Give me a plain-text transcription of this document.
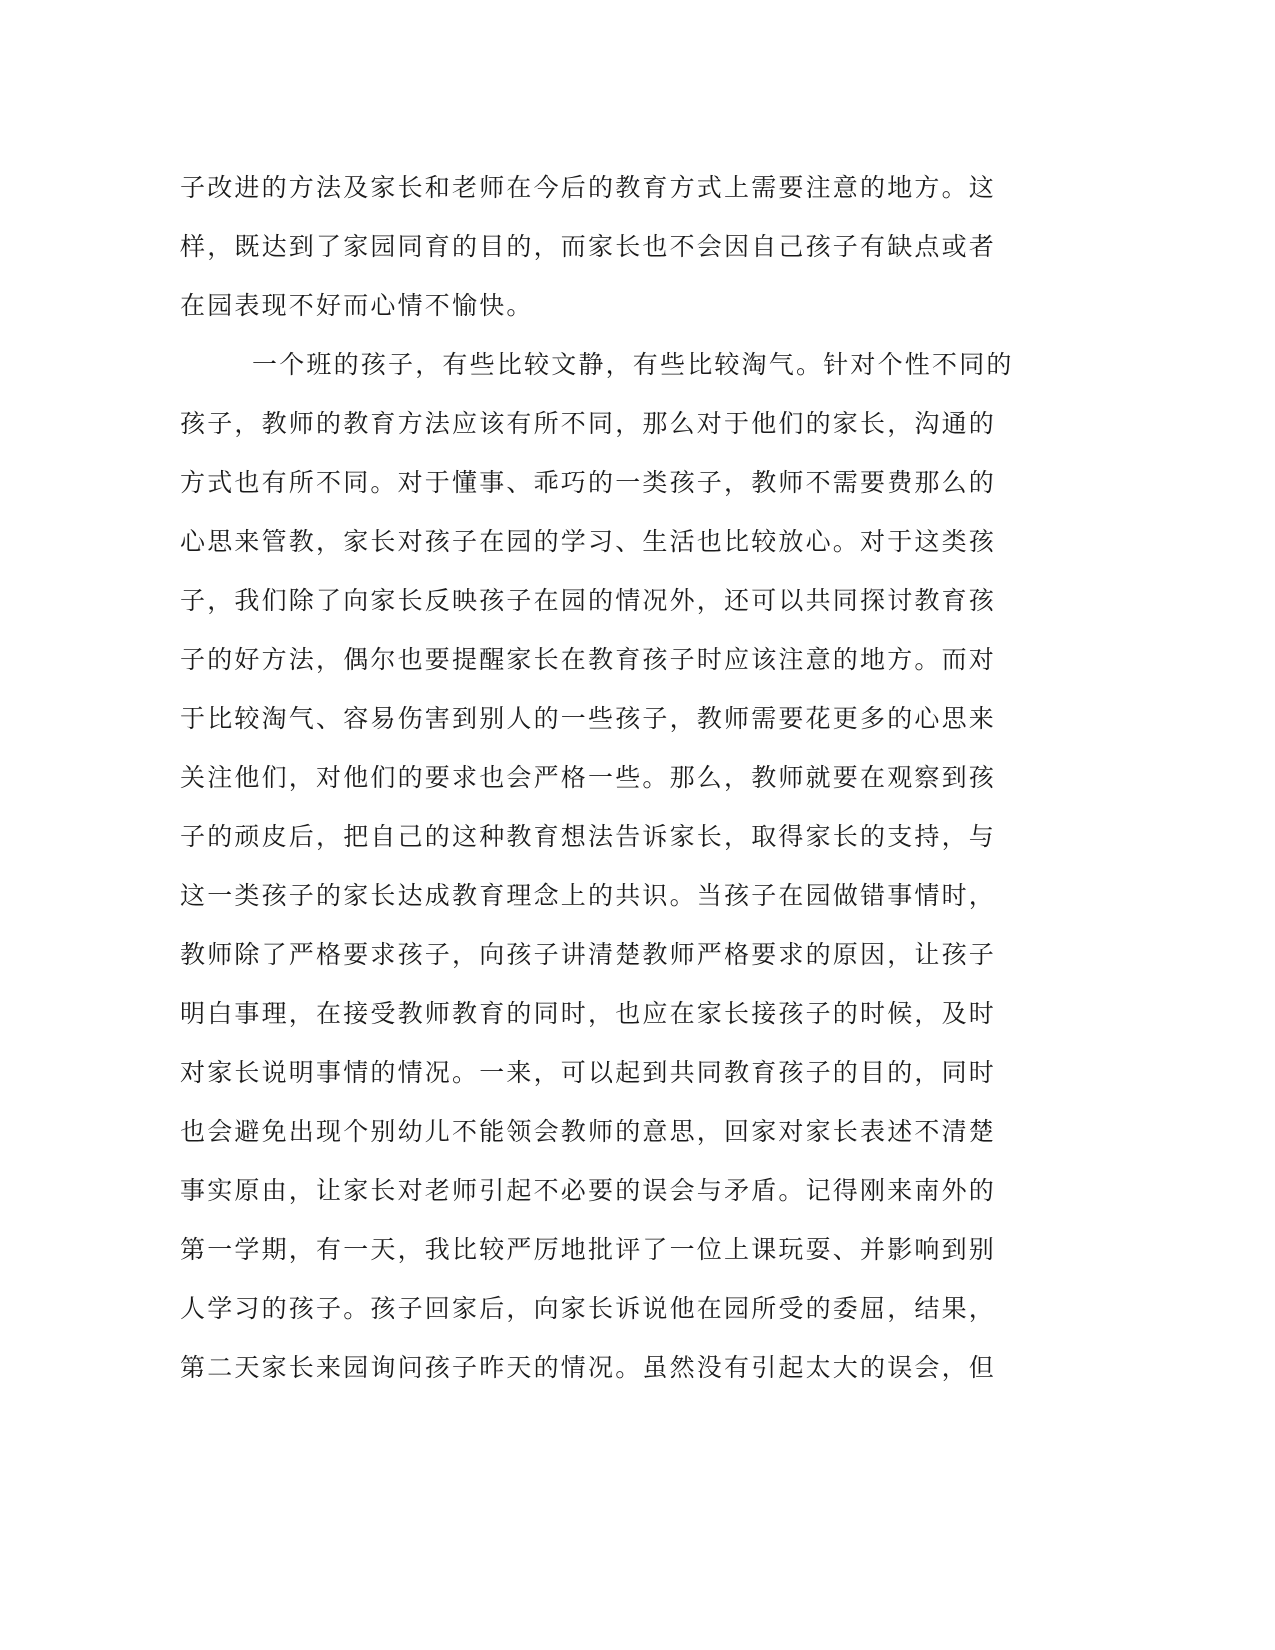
子改进的方法及家长和老师在今后的教育方式上需要注意的地方。这
样，既达到了家园同育的目的，而家长也不会因自己孩子有缺点或者
在园表现不好而心情不愉快。
一个班的孩子，有些比较文静，有些比较淘气。针对个性不同的
孩子，教师的教育方法应该有所不同，那么对于他们的家长，沟通的
方式也有所不同。对于懂事、乖巧的一类孩子，教师不需要费那么的
心思来管教，家长对孩子在园的学习、生活也比较放心。对于这类孩
子，我们除了向家长反映孩子在园的情况外，还可以共同探讨教育孩
子的好方法，偶尔也要提醒家长在教育孩子时应该注意的地方。而对
于比较淘气、容易伤害到别人的一些孩子，教师需要花更多的心思来
关注他们，对他们的要求也会严格一些。那么，教师就要在观察到孩
子的顽皮后，把自己的这种教育想法告诉家长，取得家长的支持，与
这一类孩子的家长达成教育理念上的共识。当孩子在园做错事情时，
教师除了严格要求孩子，向孩子讲清楚教师严格要求的原因，让孩子
明白事理，在接受教师教育的同时，也应在家长接孩子的时候，及时
对家长说明事情的情况。一来，可以起到共同教育孩子的目的，同时
也会避免出现个别幼儿不能领会教师的意思，回家对家长表述不清楚
事实原由，让家长对老师引起不必要的误会与矛盾。记得刚来南外的
第一学期，有一天，我比较严厉地批评了一位上课玩耍、并影响到别
人学习的孩子。孩子回家后，向家长诉说他在园所受的委屈，结果，
第二天家长来园询问孩子昨天的情况。虽然没有引起太大的误会，但
